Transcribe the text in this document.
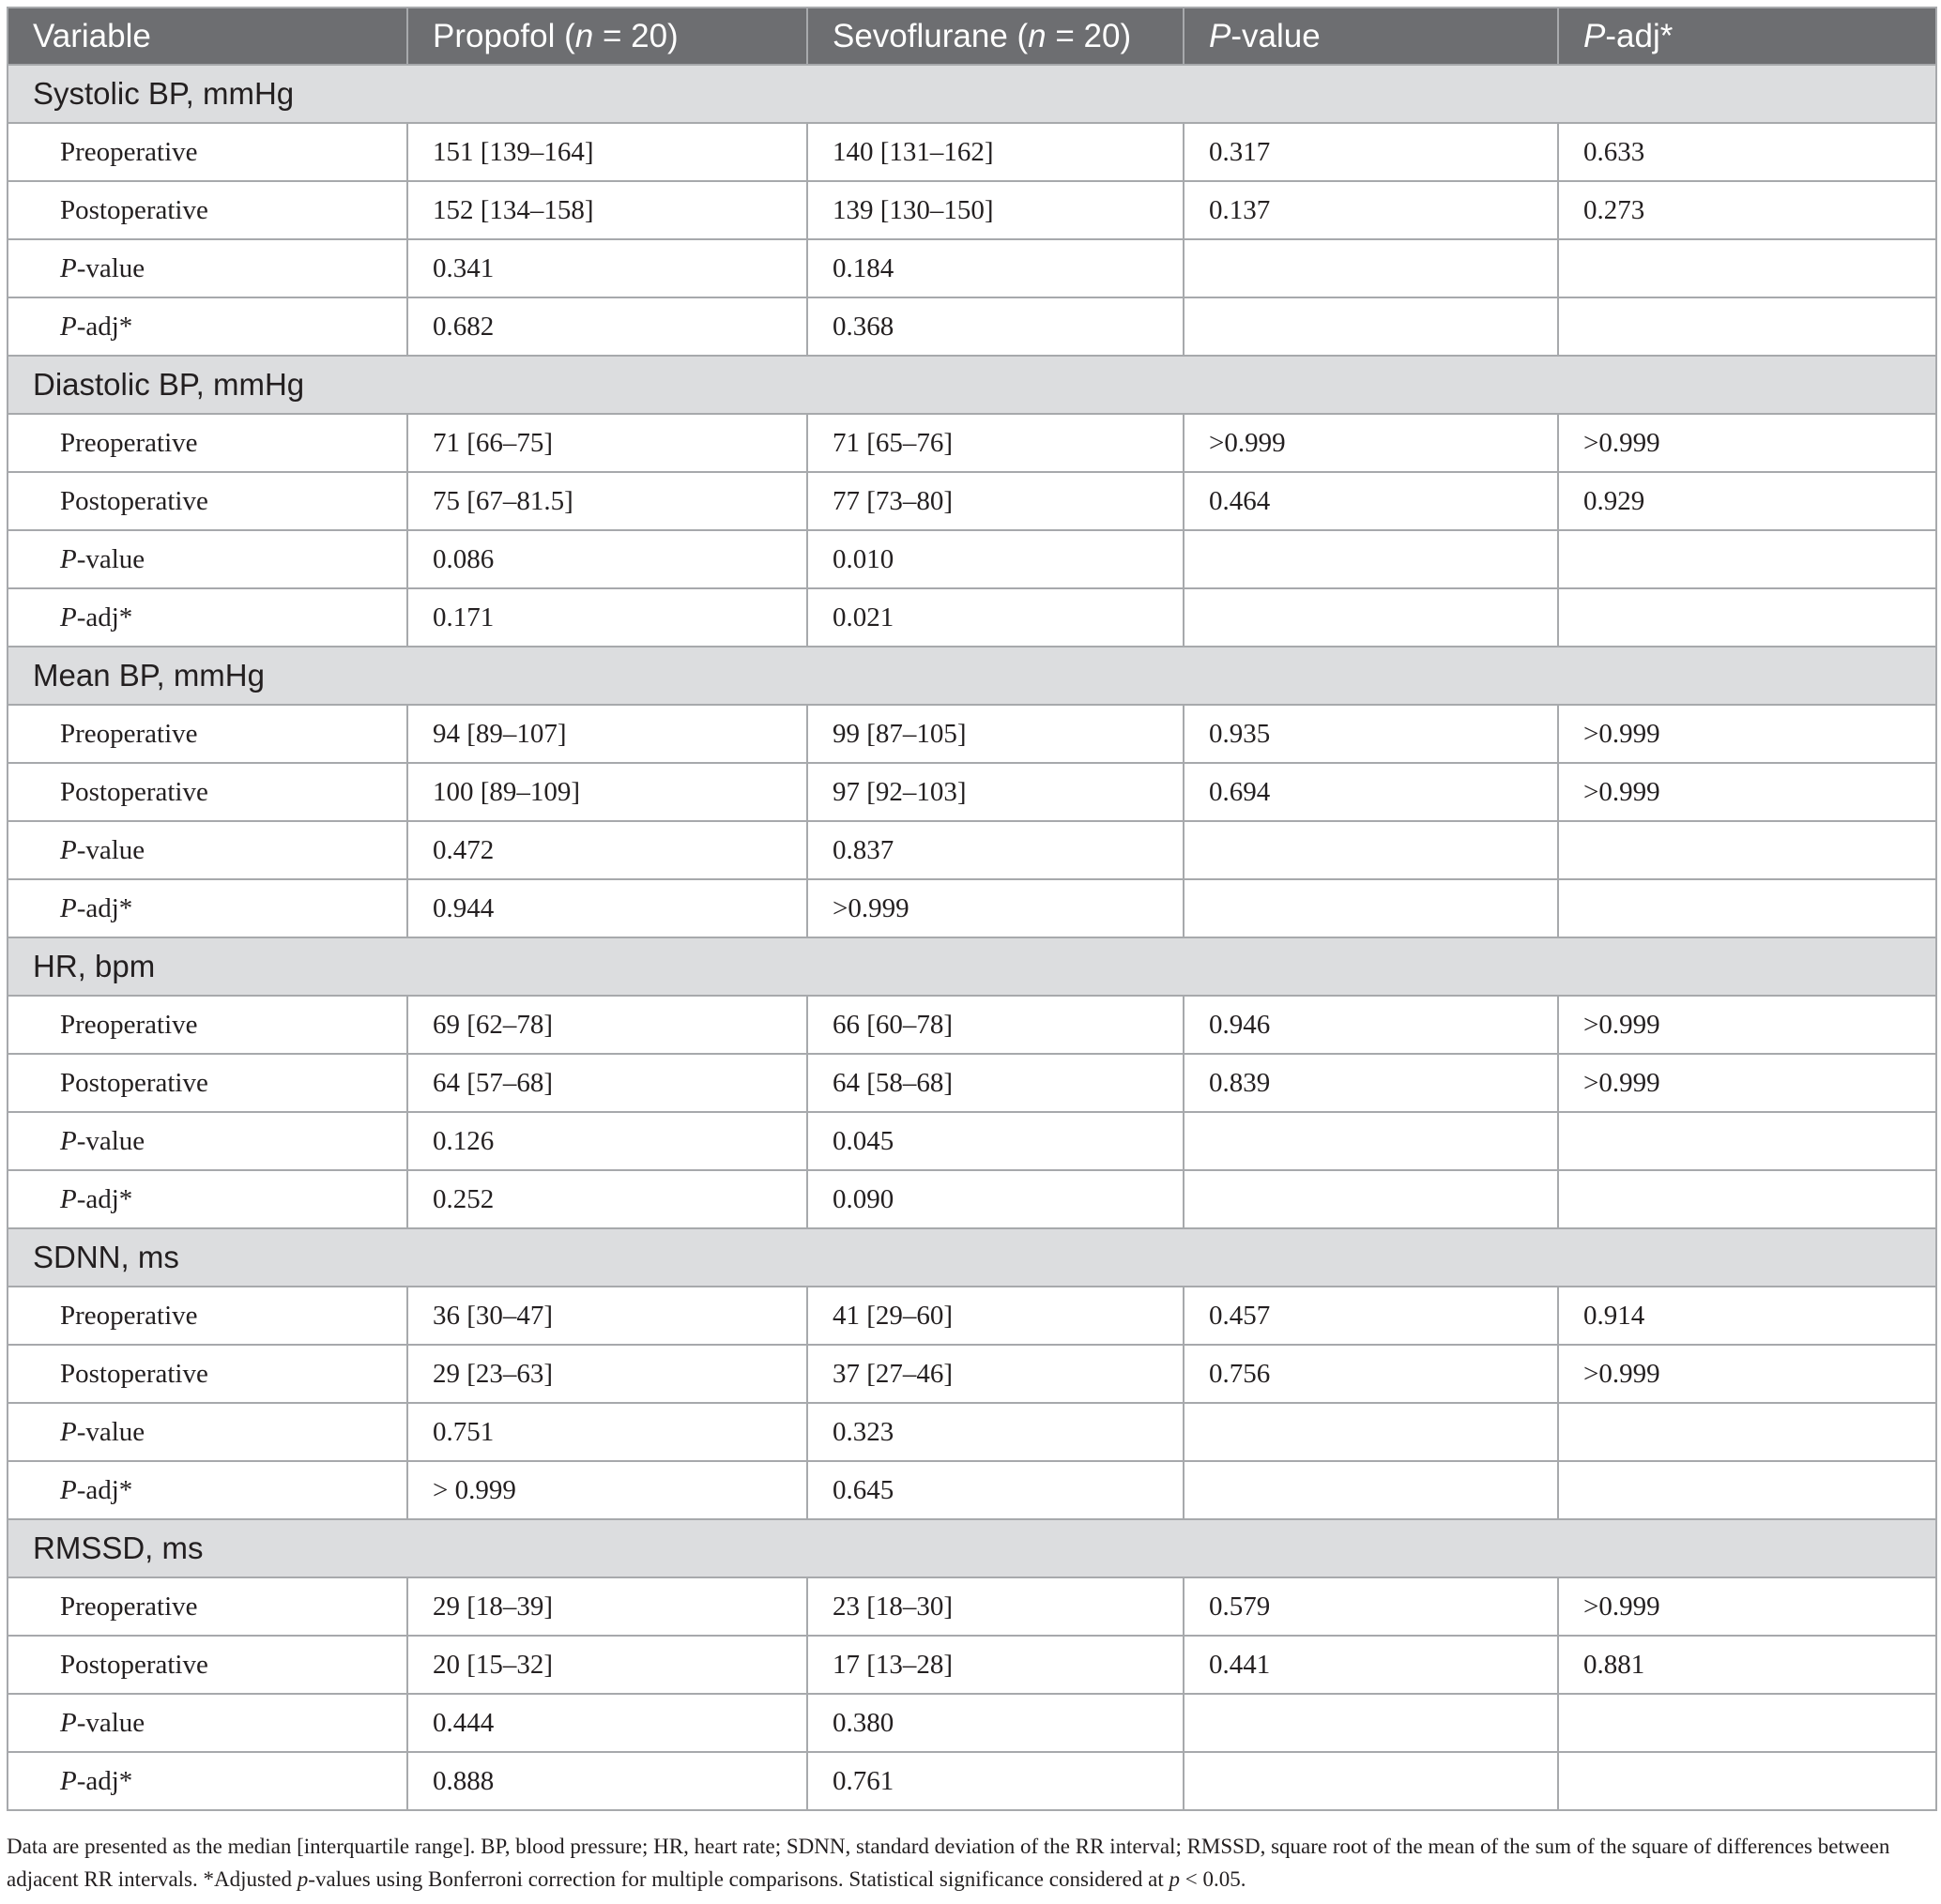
Variable	Propofol (n = 20)	Sevoflurane (n = 20)	P-value	P-adj*
Systolic BP, mmHg				
Preoperative	151 [139–164]	140 [131–162]	0.317	0.633
Postoperative	152 [134–158]	139 [130–150]	0.137	0.273
P-value	0.341	0.184		
P-adj*	0.682	0.368		
Diastolic BP, mmHg				
Preoperative	71 [66–75]	71 [65–76]	>0.999	>0.999
Postoperative	75 [67–81.5]	77 [73–80]	0.464	0.929
P-value	0.086	0.010		
P-adj*	0.171	0.021		
Mean BP, mmHg				
Preoperative	94 [89–107]	99 [87–105]	0.935	>0.999
Postoperative	100 [89–109]	97 [92–103]	0.694	>0.999
P-value	0.472	0.837		
P-adj*	0.944	>0.999		
HR, bpm				
Preoperative	69 [62–78]	66 [60–78]	0.946	>0.999
Postoperative	64 [57–68]	64 [58–68]	0.839	>0.999
P-value	0.126	0.045		
P-adj*	0.252	0.090		
SDNN, ms				
Preoperative	36 [30–47]	41 [29–60]	0.457	0.914
Postoperative	29 [23–63]	37 [27–46]	0.756	>0.999
P-value	0.751	0.323		
P-adj*	> 0.999	0.645		
RMSSD, ms				
Preoperative	29 [18–39]	23 [18–30]	0.579	>0.999
Postoperative	20 [15–32]	17 [13–28]	0.441	0.881
P-value	0.444	0.380		
P-adj*	0.888	0.761		

Data are presented as the median [interquartile range]. BP, blood pressure; HR, heart rate; SDNN, standard deviation of the RR interval; RMSSD, square root of the mean of the sum of the square of differences between adjacent RR intervals. *Adjusted p-values using Bonferroni correction for multiple comparisons. Statistical significance considered at p < 0.05.
